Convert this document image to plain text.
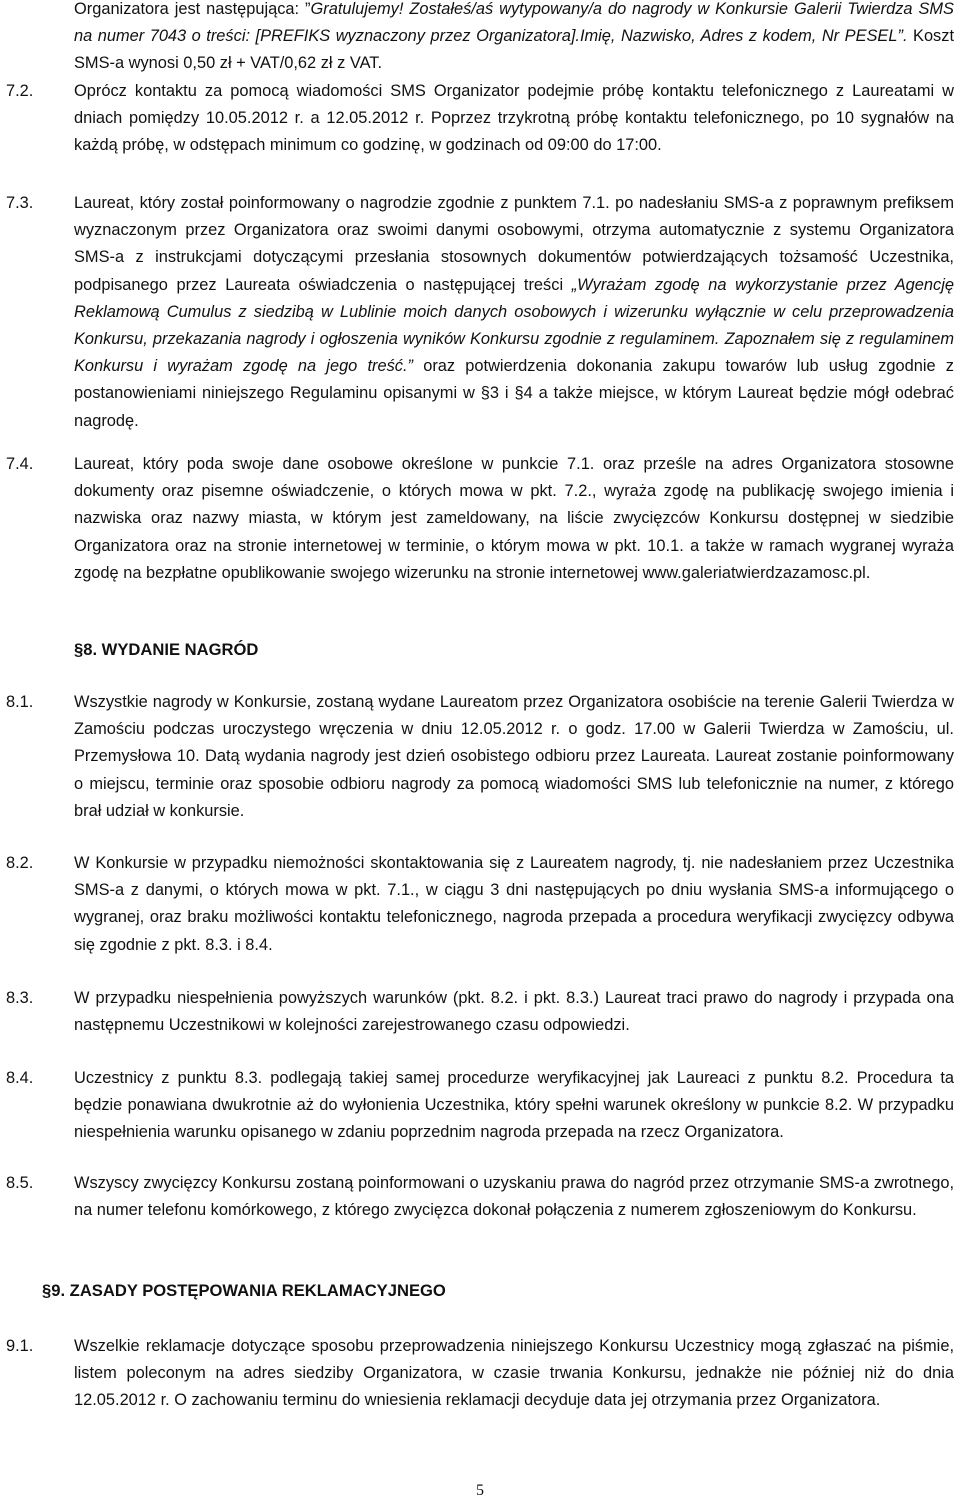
Organizatora jest następująca: ”Gratulujemy! Zostałeś/aś wytypowany/a do nagrody w Konkursie Galerii Twierdza SMS na numer 7043 o treści: [PREFIKS wyznaczony przez Organizatora].Imię, Nazwisko, Adres z kodem, Nr PESEL”. Koszt SMS-a wynosi 0,50 zł + VAT/0,62 zł z VAT.

7.2.	Oprócz kontaktu za pomocą wiadomości SMS Organizator podejmie próbę kontaktu telefonicznego z Laureatami w dniach pomiędzy 10.05.2012 r. a 12.05.2012 r. Poprzez trzykrotną próbę kontaktu telefonicznego, po 10 sygnałów na każdą próbę, w odstępach minimum co godzinę, w godzinach od 09:00 do 17:00.

7.3.	Laureat, który został poinformowany o nagrodzie zgodnie z punktem 7.1. po nadesłaniu SMS-a z poprawnym prefiksem wyznaczonym przez Organizatora oraz swoimi danymi osobowymi, otrzyma automatycznie z systemu Organizatora SMS-a z instrukcjami dotyczącymi przesłania stosownych dokumentów potwierdzających tożsamość Uczestnika, podpisanego przez Laureata oświadczenia o następującej treści „Wyrażam zgodę na wykorzystanie przez Agencję Reklamową Cumulus z siedzibą w Lublinie moich danych osobowych i wizerunku wyłącznie w celu przeprowadzenia Konkursu, przekazania nagrody i ogłoszenia wyników Konkursu zgodnie z regulaminem. Zapoznałem się z regulaminem Konkursu i wyrażam zgodę na jego treść.” oraz potwierdzenia dokonania zakupu towarów lub usług zgodnie z postanowieniami niniejszego Regulaminu opisanymi w §3 i §4 a także miejsce, w którym Laureat będzie mógł odebrać nagrodę.

7.4.	Laureat, który poda swoje dane osobowe określone w punkcie 7.1. oraz prześle na adres Organizatora stosowne dokumenty oraz pisemne oświadczenie, o których mowa w pkt. 7.2., wyraża zgodę na publikację swojego imienia i nazwiska oraz nazwy miasta, w którym jest zameldowany, na liście zwycięzców Konkursu dostępnej w siedzibie Organizatora oraz na stronie internetowej w terminie, o którym mowa w pkt. 10.1. a także w ramach wygranej wyraża zgodę na bezpłatne opublikowanie swojego wizerunku na stronie internetowej www.galeriatwierdzazamosc.pl.

§8. WYDANIE NAGRÓD

8.1.	Wszystkie nagrody w Konkursie, zostaną wydane Laureatom przez Organizatora osobiście na terenie Galerii Twierdza w Zamościu podczas uroczystego wręczenia w dniu 12.05.2012 r. o godz. 17.00 w Galerii Twierdza w Zamościu, ul. Przemysłowa 10. Datą wydania nagrody jest dzień osobistego odbioru przez Laureata. Laureat zostanie poinformowany o miejscu, terminie oraz sposobie odbioru nagrody za pomocą wiadomości SMS lub telefonicznie na numer, z którego brał udział w konkursie.

8.2.	W Konkursie w przypadku niemożności skontaktowania się z Laureatem nagrody, tj. nie nadesłaniem przez Uczestnika SMS-a z danymi, o których mowa w pkt. 7.1., w ciągu 3 dni następujących po dniu wysłania SMS-a informującego o wygranej, oraz braku możliwości kontaktu telefonicznego, nagroda przepada a procedura weryfikacji zwycięzcy odbywa się zgodnie z pkt. 8.3. i 8.4.

8.3.	W przypadku niespełnienia powyższych warunków (pkt. 8.2. i pkt. 8.3.) Laureat traci prawo do nagrody i przypada ona następnemu Uczestnikowi w kolejności zarejestrowanego czasu odpowiedzi.

8.4.	Uczestnicy z punktu 8.3. podlegają takiej samej procedurze weryfikacyjnej jak Laureaci z punktu 8.2. Procedura ta będzie ponawiana dwukrotnie aż do wyłonienia Uczestnika, który spełni warunek określony w punkcie 8.2. W przypadku niespełnienia warunku opisanego w zdaniu poprzednim nagroda przepada na rzecz Organizatora.

8.5.	Wszyscy zwycięzcy Konkursu zostaną poinformowani o uzyskaniu prawa do nagród przez otrzymanie SMS-a zwrotnego, na numer telefonu komórkowego, z którego zwycięzca dokonał połączenia z numerem zgłoszeniowym do Konkursu.

§9. ZASADY POSTĘPOWANIA REKLAMACYJNEGO

9.1.	Wszelkie reklamacje dotyczące sposobu przeprowadzenia niniejszego Konkursu Uczestnicy mogą zgłaszać na piśmie, listem poleconym na adres siedziby Organizatora, w czasie trwania Konkursu, jednakże nie później niż do dnia 12.05.2012 r. O zachowaniu terminu do wniesienia reklamacji decyduje data jej otrzymania przez Organizatora.

5
